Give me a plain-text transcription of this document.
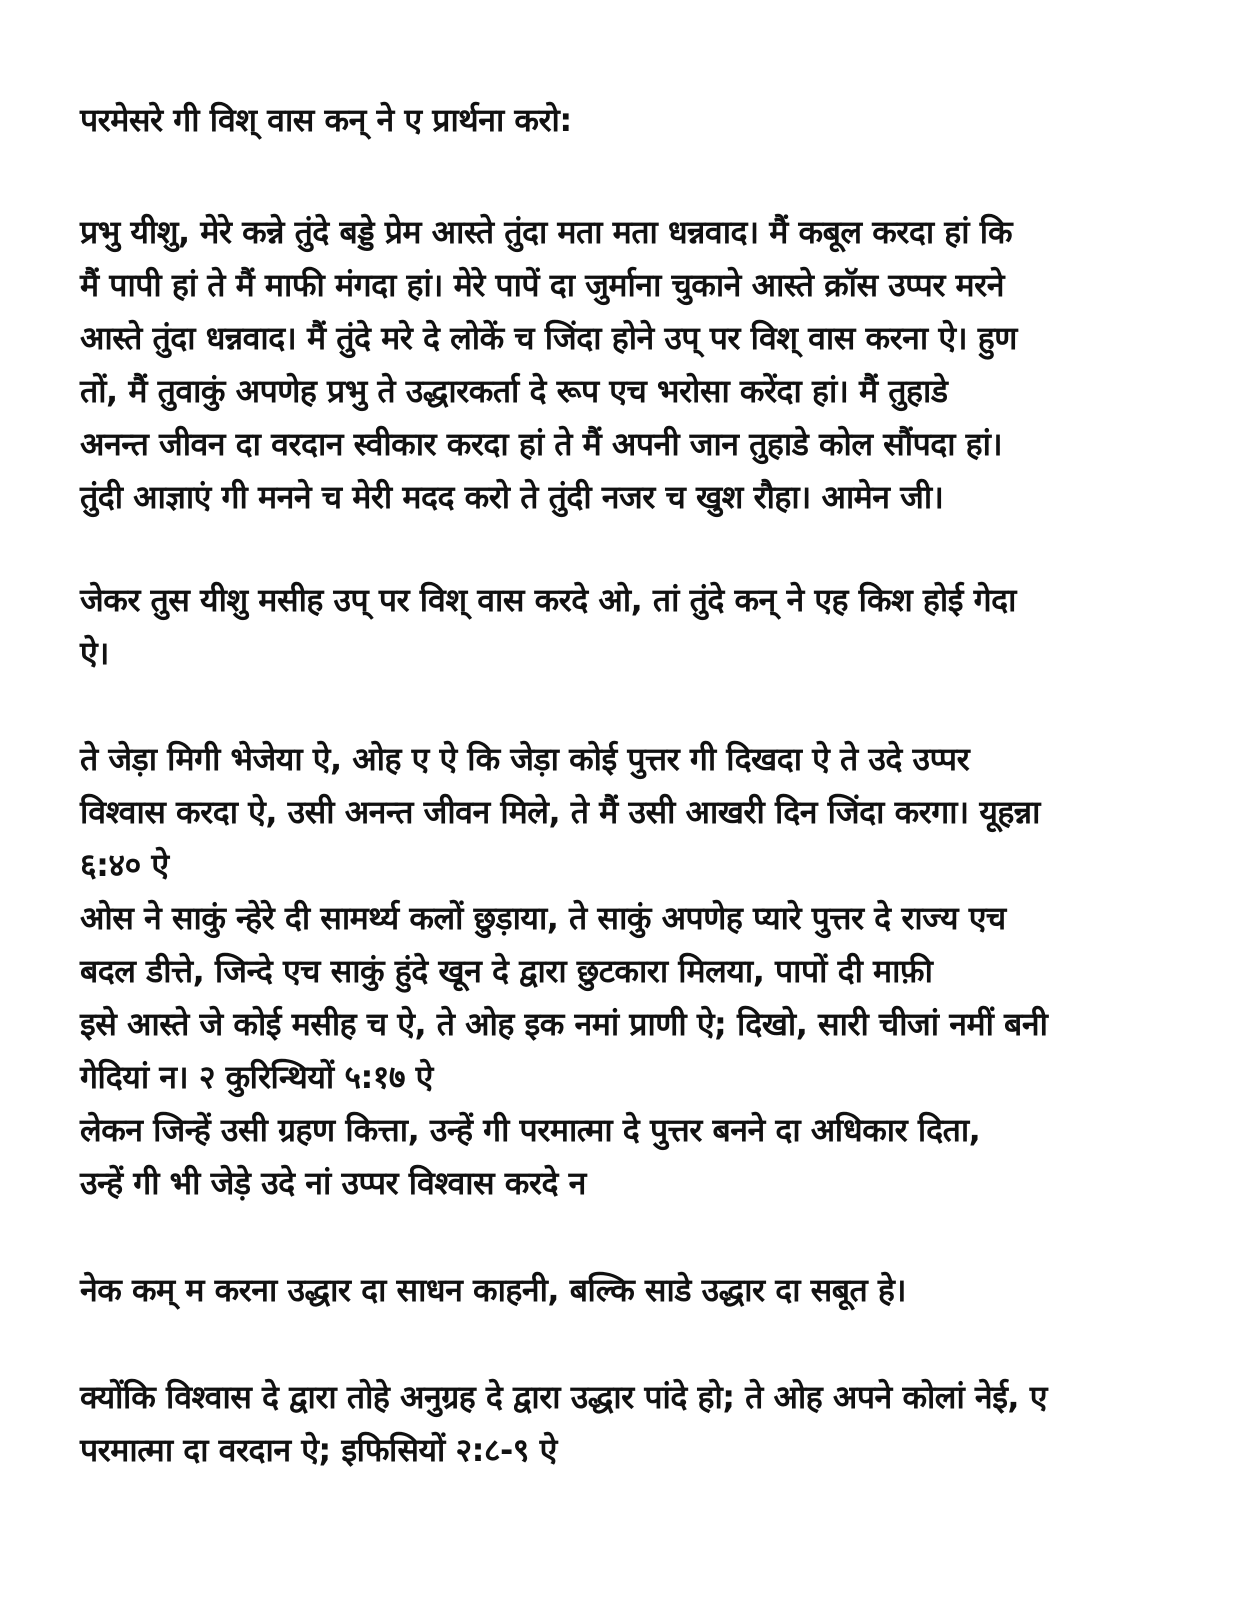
परमेसरे गी विश् वास कन् ने ए प्रार्थना करो:
प्रभु यीशु, मेरे कन्ने तुंदे बड्डे प्रेम आस्ते तुंदा मता मता धन्नवाद। मैं कबूल करदा हां कि
मैं पापी हां ते मैं माफी मंगदा हां। मेरे पापें दा जुर्माना चुकाने आस्ते क्रॉस उप्पर मरने
आस्ते तुंदा धन्नवाद। मैं तुंदे मरे दे लोकें च जिंदा होने उप् पर विश् वास करना ऐ। हुण
तों, मैं तुवाकुं अपणेह प्रभु ते उद्धारकर्ता दे रूप एच भरोसा करेंदा हां। मैं तुहाडे
अनन्त जीवन दा वरदान स्वीकार करदा हां ते मैं अपनी जान तुहाडे कोल सौंपदा हां।
तुंदी आज्ञाएं गी मनने च मेरी मदद करो ते तुंदी नजर च खुश रौहा। आमेन जी।
जेकर तुस यीशु मसीह उप् पर विश् वास करदे ओ, तां तुंदे कन् ने एह किश होई गेदा
ऐ।
ते जेड़ा मिगी भेजेया ऐ, ओह ए ऐ कि जेड़ा कोई पुत्तर गी दिखदा ऐ ते उदे उप्पर
विश्वास करदा ऐ, उसी अनन्त जीवन मिले, ते मैं उसी आखरी दिन जिंदा करगा। यूहन्ना
६:४० ऐ
ओस ने साकुं न्हेरे दी सामर्थ्य कलों छुड़ाया, ते साकुं अपणेह प्यारे पुत्तर दे राज्य एच
बदल डीत्ते, जिन्दे एच साकुं हुंदे खून दे द्वारा छुटकारा मिलया, पापों दी माफ़ी
इसे आस्ते जे कोई मसीह च ऐ, ते ओह इक नमां प्राणी ऐ; दिखो, सारी चीजां नमीं बनी
गेदियां न। २ कुरिन्थियों ५:१७ ऐ
लेकन जिन्हें उसी ग्रहण कित्ता, उन्हें गी परमात्मा दे पुत्तर बनने दा अधिकार दिता,
उन्हें गी भी जेड़े उदे नां उप्पर विश्वास करदे न
नेक कम् म करना उद्धार दा साधन काहनी, बल्कि साडे उद्धार दा सबूत हे।
क्योंकि विश्वास दे द्वारा तोहे अनुग्रह दे द्वारा उद्धार पांदे हो; ते ओह अपने कोलां नेई, ए
परमात्मा दा वरदान ऐ; इफिसियों २:८-९ ऐ
